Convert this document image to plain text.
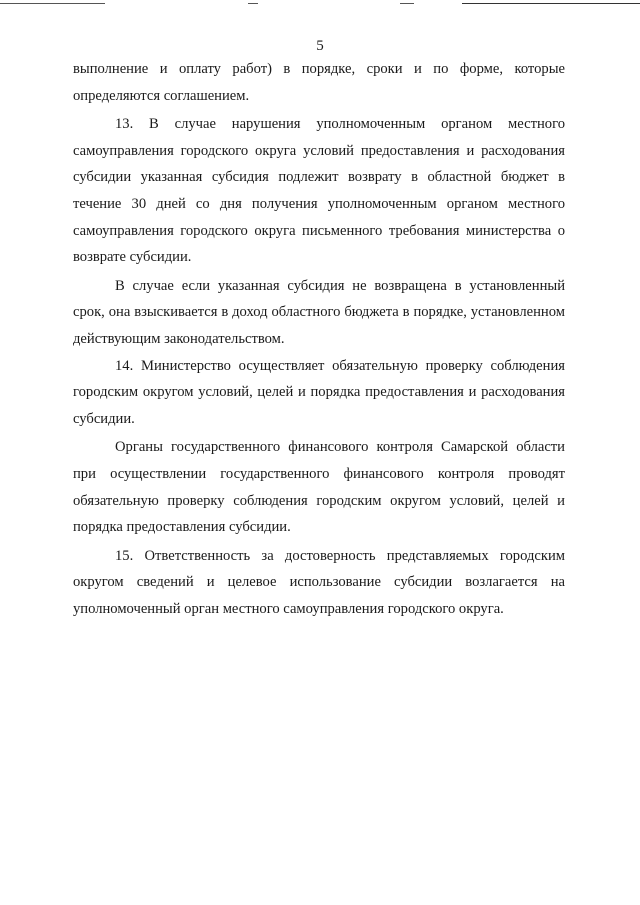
5

выполнение и оплату работ) в порядке, сроки и по форме, которые определяются соглашением.

13. В случае нарушения уполномоченным органом местного самоуправления городского округа условий предоставления и расходования субсидии указанная субсидия подлежит возврату в областной бюджет в течение 30 дней со дня получения уполномоченным органом местного самоуправления городского округа письменного требования министерства о возврате субсидии.

В случае если указанная субсидия не возвращена в установленный срок, она взыскивается в доход областного бюджета в порядке, установленном действующим законодательством.

14. Министерство осуществляет обязательную проверку соблюдения городским округом условий, целей и порядка предоставления и расходования субсидии.

Органы государственного финансового контроля Самарской области при осуществлении государственного финансового контроля проводят обязательную проверку соблюдения городским округом условий, целей и порядка предоставления субсидии.

15. Ответственность за достоверность представляемых городским округом сведений и целевое использование субсидии возлагается на уполномоченный орган местного самоуправления городского округа.
